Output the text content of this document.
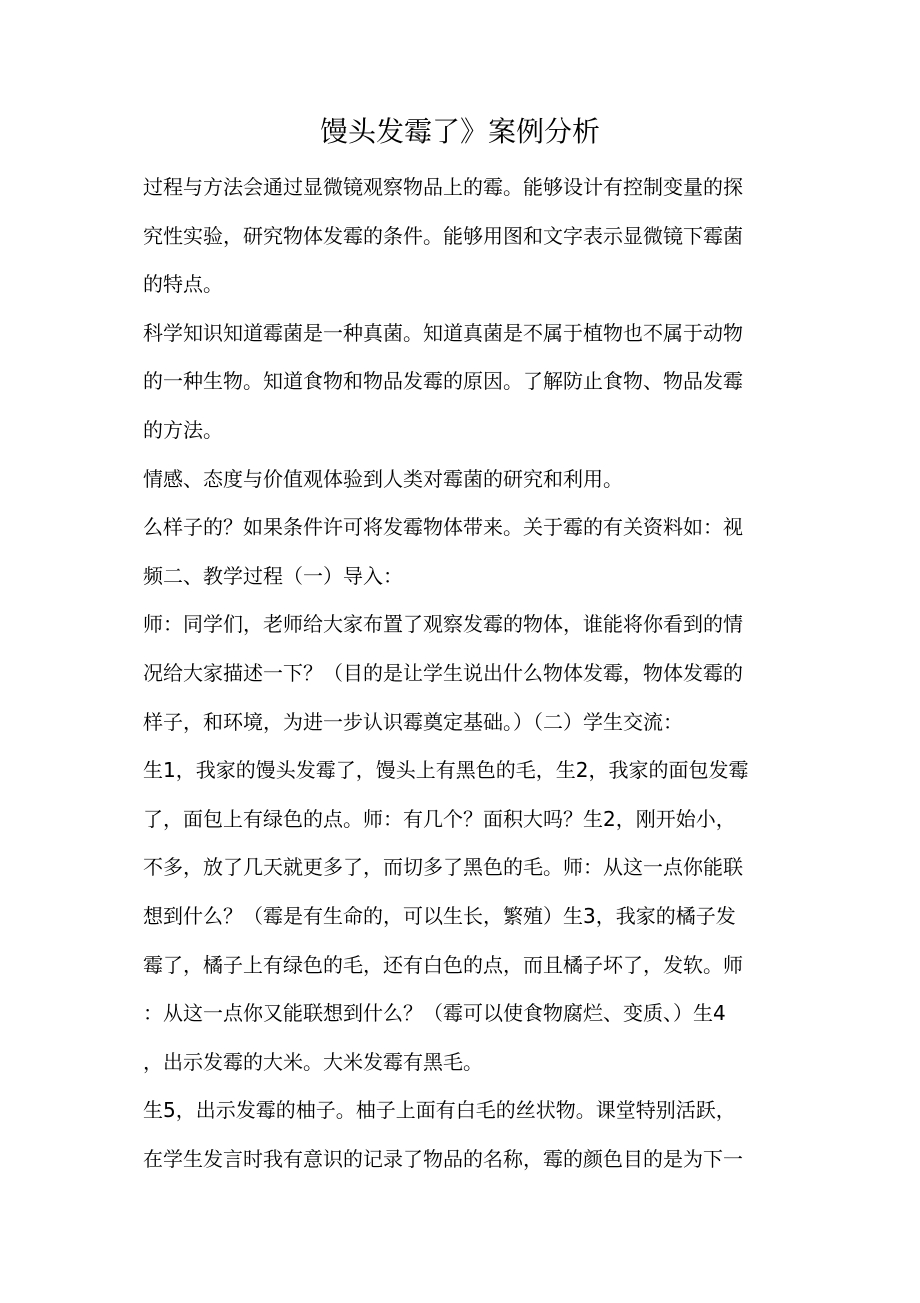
馒头发霉了》案例分析
过程与方法会通过显微镜观察物品上的霉。能够设计有控制变量的探
究性实验，研究物体发霉的条件。能够用图和文字表示显微镜下霉菌
的特点。
科学知识知道霉菌是一种真菌。知道真菌是不属于植物也不属于动物
的一种生物。知道食物和物品发霉的原因。了解防止食物、物品发霉
的方法。
情感、态度与价值观体验到人类对霉菌的研究和利用。
么样子的？如果条件许可将发霉物体带来。关于霉的有关资料如：视
频二、教学过程（一）导入：
师：同学们，老师给大家布置了观察发霉的物体，谁能将你看到的情
况给大家描述一下？（目的是让学生说出什么物体发霉，物体发霉的
样子，和环境，为进一步认识霉奠定基础。）（二）学生交流：
生1，我家的馒头发霉了，馒头上有黑色的毛，生2，我家的面包发霉
了，面包上有绿色的点。师：有几个？面积大吗？生2，刚开始小，
不多，放了几天就更多了，而切多了黑色的毛。师：从这一点你能联
想到什么？（霉是有生命的，可以生长，繁殖）生3，我家的橘子发
霉了，橘子上有绿色的毛，还有白色的点，而且橘子坏了，发软。师
：从这一点你又能联想到什么？（霉可以使食物腐烂、变质、）生4
，出示发霉的大米。大米发霉有黑毛。
生5，出示发霉的柚子。柚子上面有白毛的丝状物。课堂特别活跃，
在学生发言时我有意识的记录了物品的名称，霉的颜色目的是为下一
